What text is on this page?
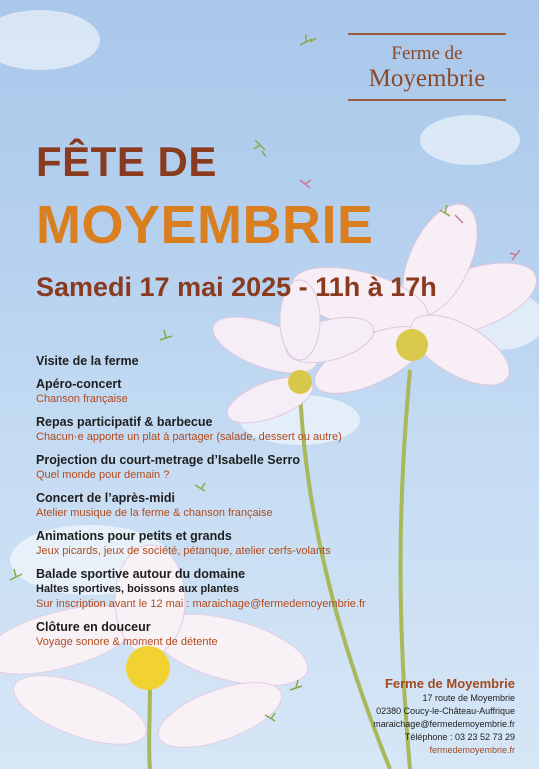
Ferme de
Moyembrie
FÊTE DE
MOYEMBRIE
Samedi 17 mai 2025 - 11h à 17h
Visite de la ferme
Apéro-concert
Chanson française
Repas participatif & barbecue
Chacun·e apporte un plat à partager (salade, dessert ou autre)
Projection du court-metrage d’Isabelle Serro
Quel monde pour demain ?
Concert de l’après-midi
Atelier musique de la ferme & chanson française
Animations pour petits et grands
Jeux picards, jeux de société, pétanque, atelier cerfs-volants
Balade sportive autour du domaine
Haltes sportives, boissons aux plantes
Sur inscription avant le 12 mai : maraichage@fermedemoyembrie.fr
Clôture en douceur
Voyage sonore & moment de détente
Ferme de Moyembrie
17 route de Moyembrie
02380 Coucy-le-Château-Auffrique
maraichage@fermedemoyembrie.fr
Téléphone : 03 23 52 73 29
fermedemoyembrie.fr
